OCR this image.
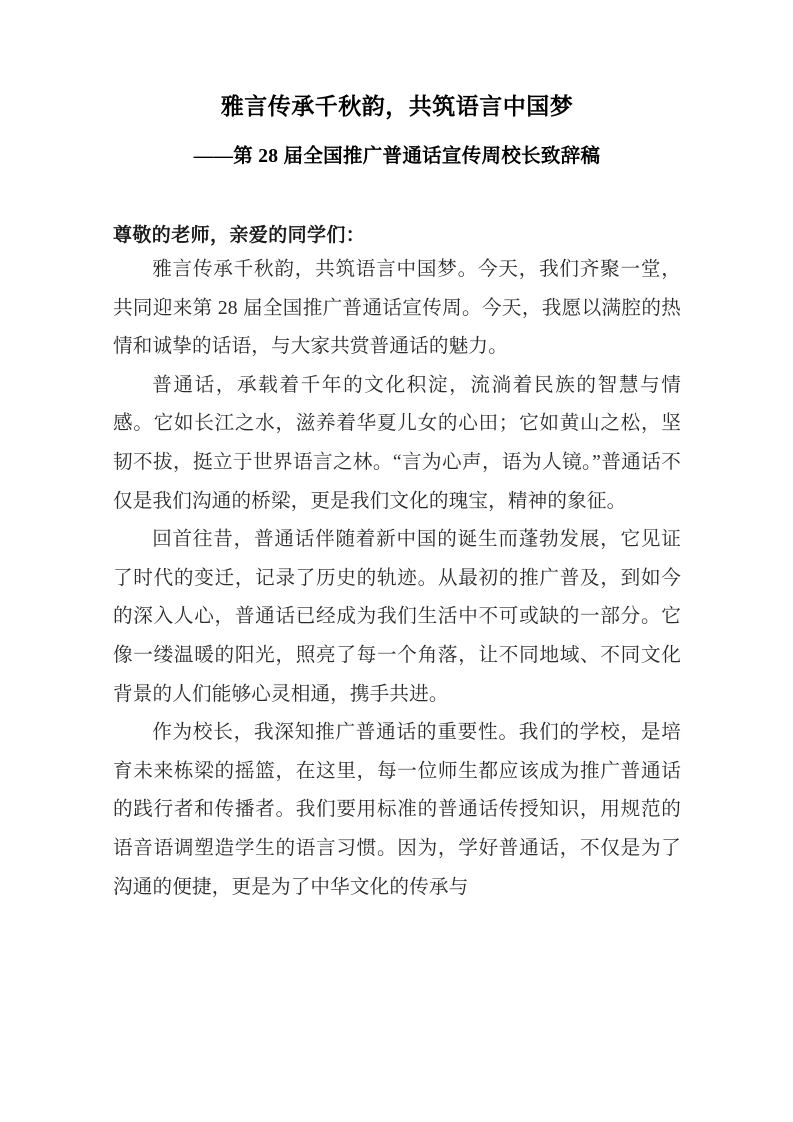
雅言传承千秋韵，共筑语言中国梦
——第 28 届全国推广普通话宣传周校长致辞稿

尊敬的老师，亲爱的同学们：

雅言传承千秋韵，共筑语言中国梦。今天，我们齐聚一堂，共同迎来第 28 届全国推广普通话宣传周。今天，我愿以满腔的热情和诚挚的话语，与大家共赏普通话的魅力。

普通话，承载着千年的文化积淀，流淌着民族的智慧与情感。它如长江之水，滋养着华夏儿女的心田；它如黄山之松，坚韧不拔，挺立于世界语言之林。“言为心声，语为人镜。”普通话不仅是我们沟通的桥梁，更是我们文化的瑰宝，精神的象征。

回首往昔，普通话伴随着新中国的诞生而蓬勃发展，它见证了时代的变迁，记录了历史的轨迹。从最初的推广普及，到如今的深入人心，普通话已经成为我们生活中不可或缺的一部分。它像一缕温暖的阳光，照亮了每一个角落，让不同地域、不同文化背景的人们能够心灵相通，携手共进。

作为校长，我深知推广普通话的重要性。我们的学校，是培育未来栋梁的摇篮，在这里，每一位师生都应该成为推广普通话的践行者和传播者。我们要用标准的普通话传授知识，用规范的语音语调塑造学生的语言习惯。因为，学好普通话，不仅是为了沟通的便捷，更是为了中华文化的传承与
